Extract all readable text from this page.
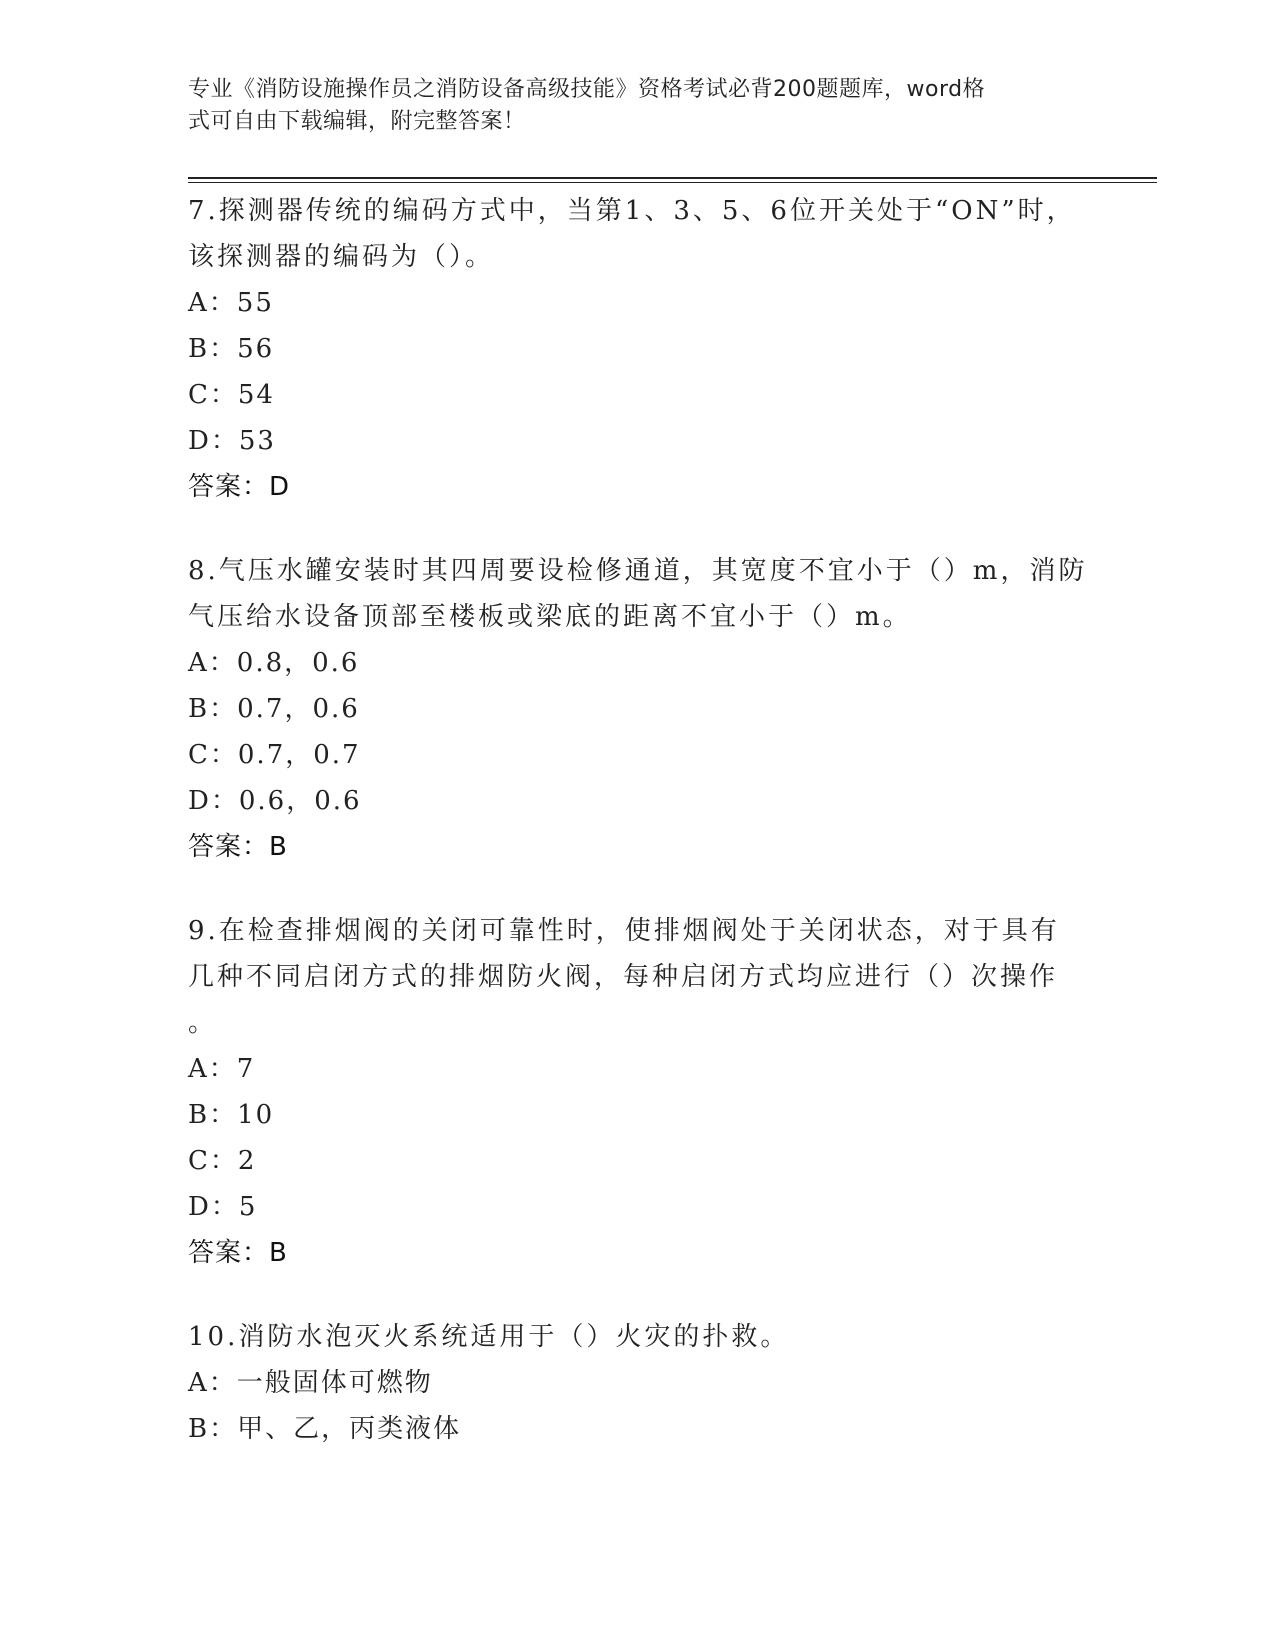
专业《消防设施操作员之消防设备高级技能》资格考试必背200题题库，word格
式可自由下载编辑，附完整答案！

7.探测器传统的编码方式中，当第1、3、5、6位开关处于“ON”时，

该探测器的编码为（）。

A：55

B：56

C：54

D：53

答案：D

8.气压水罐安装时其四周要设检修通道，其宽度不宜小于（）m，消防

气压给水设备顶部至楼板或梁底的距离不宜小于（）m。

A：0.8，0.6

B：0.7，0.6

C：0.7，0.7

D：0.6，0.6

答案：B

9.在检查排烟阀的关闭可靠性时，使排烟阀处于关闭状态，对于具有

几种不同启闭方式的排烟防火阀，每种启闭方式均应进行（）次操作

。

A：7

B：10

C：2

D：5

答案：B

10.消防水泡灭火系统适用于（）火灾的扑救。

A：一般固体可燃物

B：甲、乙，丙类液体
